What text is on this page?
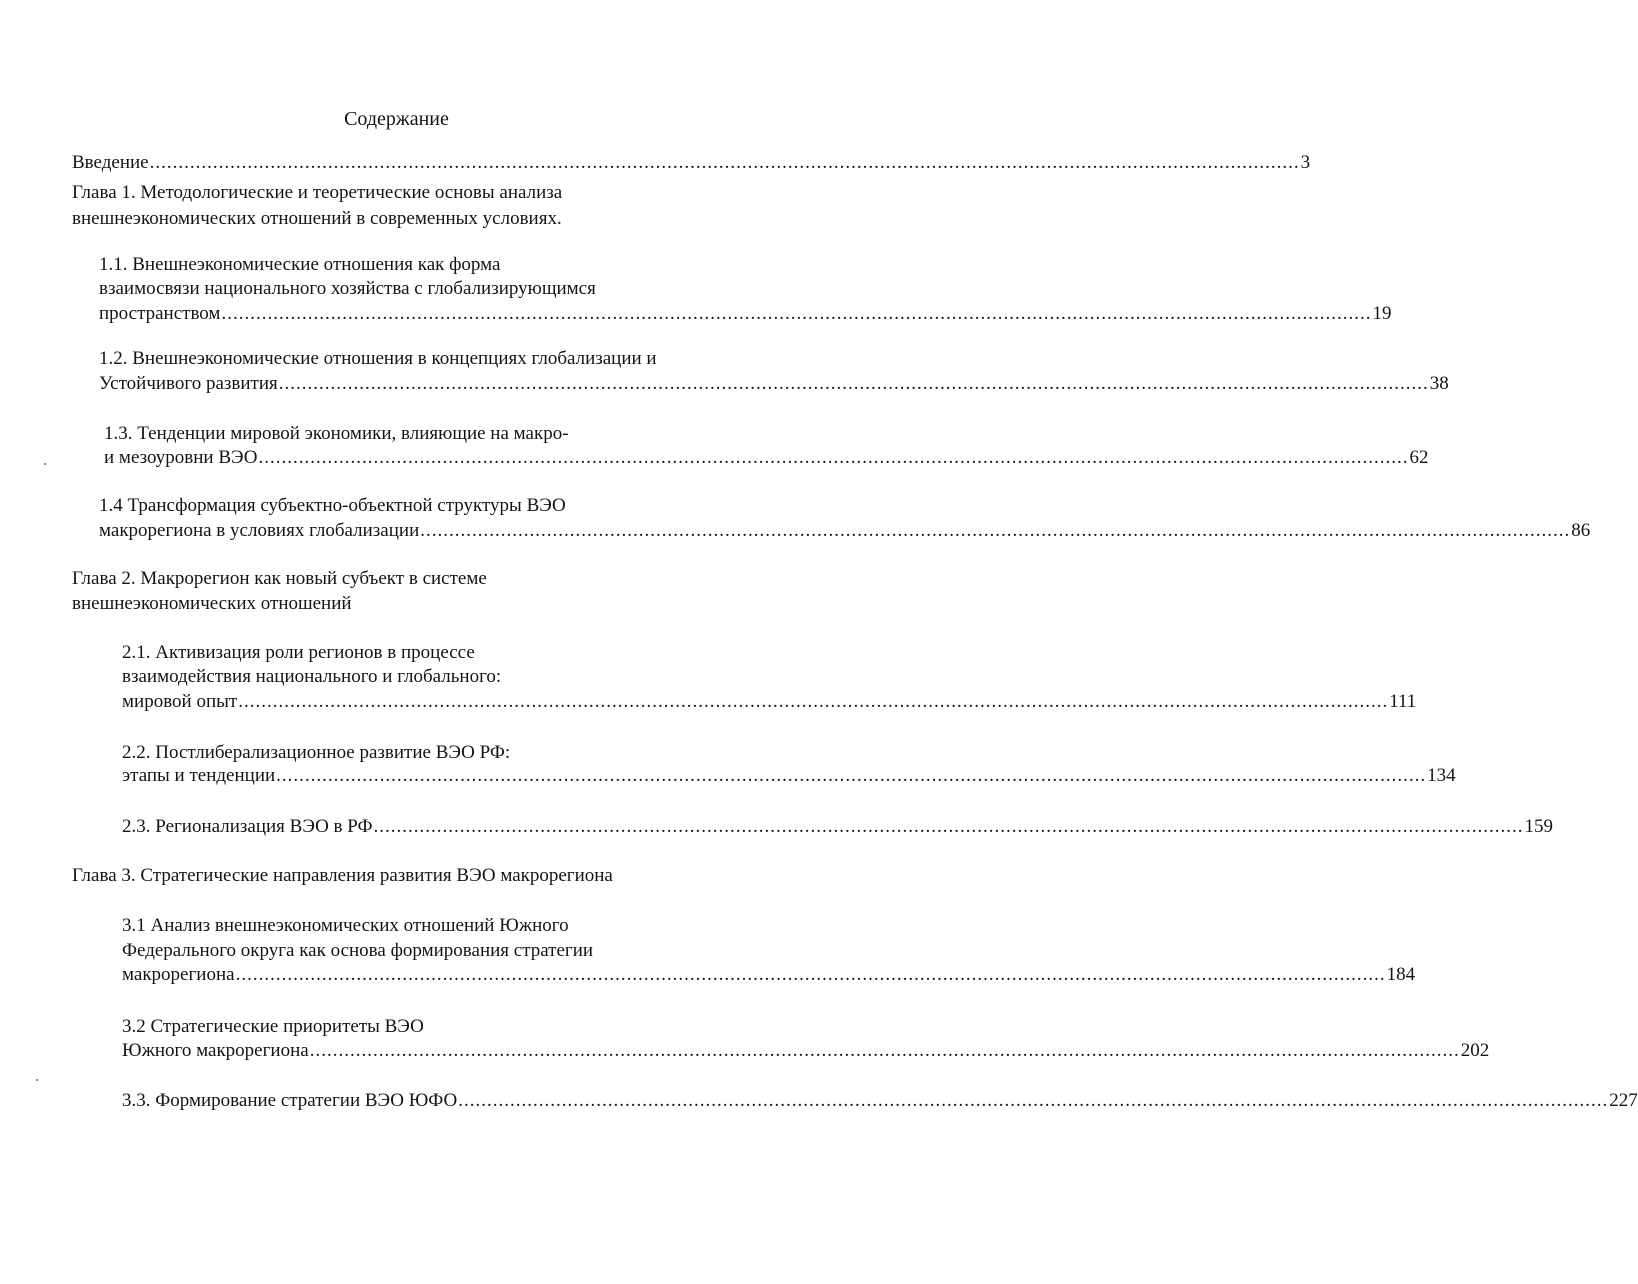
Содержание
Введение ........................................................................................................................................................................................................ 3
Глава 1. Методологические и теоретические основы анализа
внешнеэкономических отношений в современных условиях.
1.1. Внешнеэкономические отношения как форма
взаимосвязи национального хозяйства с глобализирующимся
пространством ........................................................................................................................................................................................................ 19
1.2. Внешнеэкономические отношения в концепциях глобализации и
Устойчивого развития ........................................................................................................................................................................................................ 38
1.3. Тенденции мировой экономики, влияющие на макро-
и мезоуровни ВЭО ........................................................................................................................................................................................................ 62
1.4 Трансформация субъектно-объектной структуры ВЭО
макрорегиона в условиях глобализации ........................................................................................................................................................................................................ 86
Глава 2. Макрорегион как новый субъект в системе
внешнеэкономических отношений
2.1. Активизация роли регионов в процессе
взаимодействия национального и глобального:
мировой опыт ........................................................................................................................................................................................................ 111
2.2. Постлиберализационное развитие ВЭО РФ:
этапы и тенденции ........................................................................................................................................................................................................ 134
2.3. Регионализация ВЭО в РФ ........................................................................................................................................................................................................ 159
Глава 3. Стратегические направления развития ВЭО макрорегиона
3.1 Анализ внешнеэкономических отношений Южного
Федерального округа как основа формирования стратегии
макрорегиона ........................................................................................................................................................................................................ 184
3.2 Стратегические приоритеты ВЭО
Южного макрорегиона ........................................................................................................................................................................................................ 202
3.3. Формирование стратегии ВЭО ЮФО ........................................................................................................................................................................................................ 227
